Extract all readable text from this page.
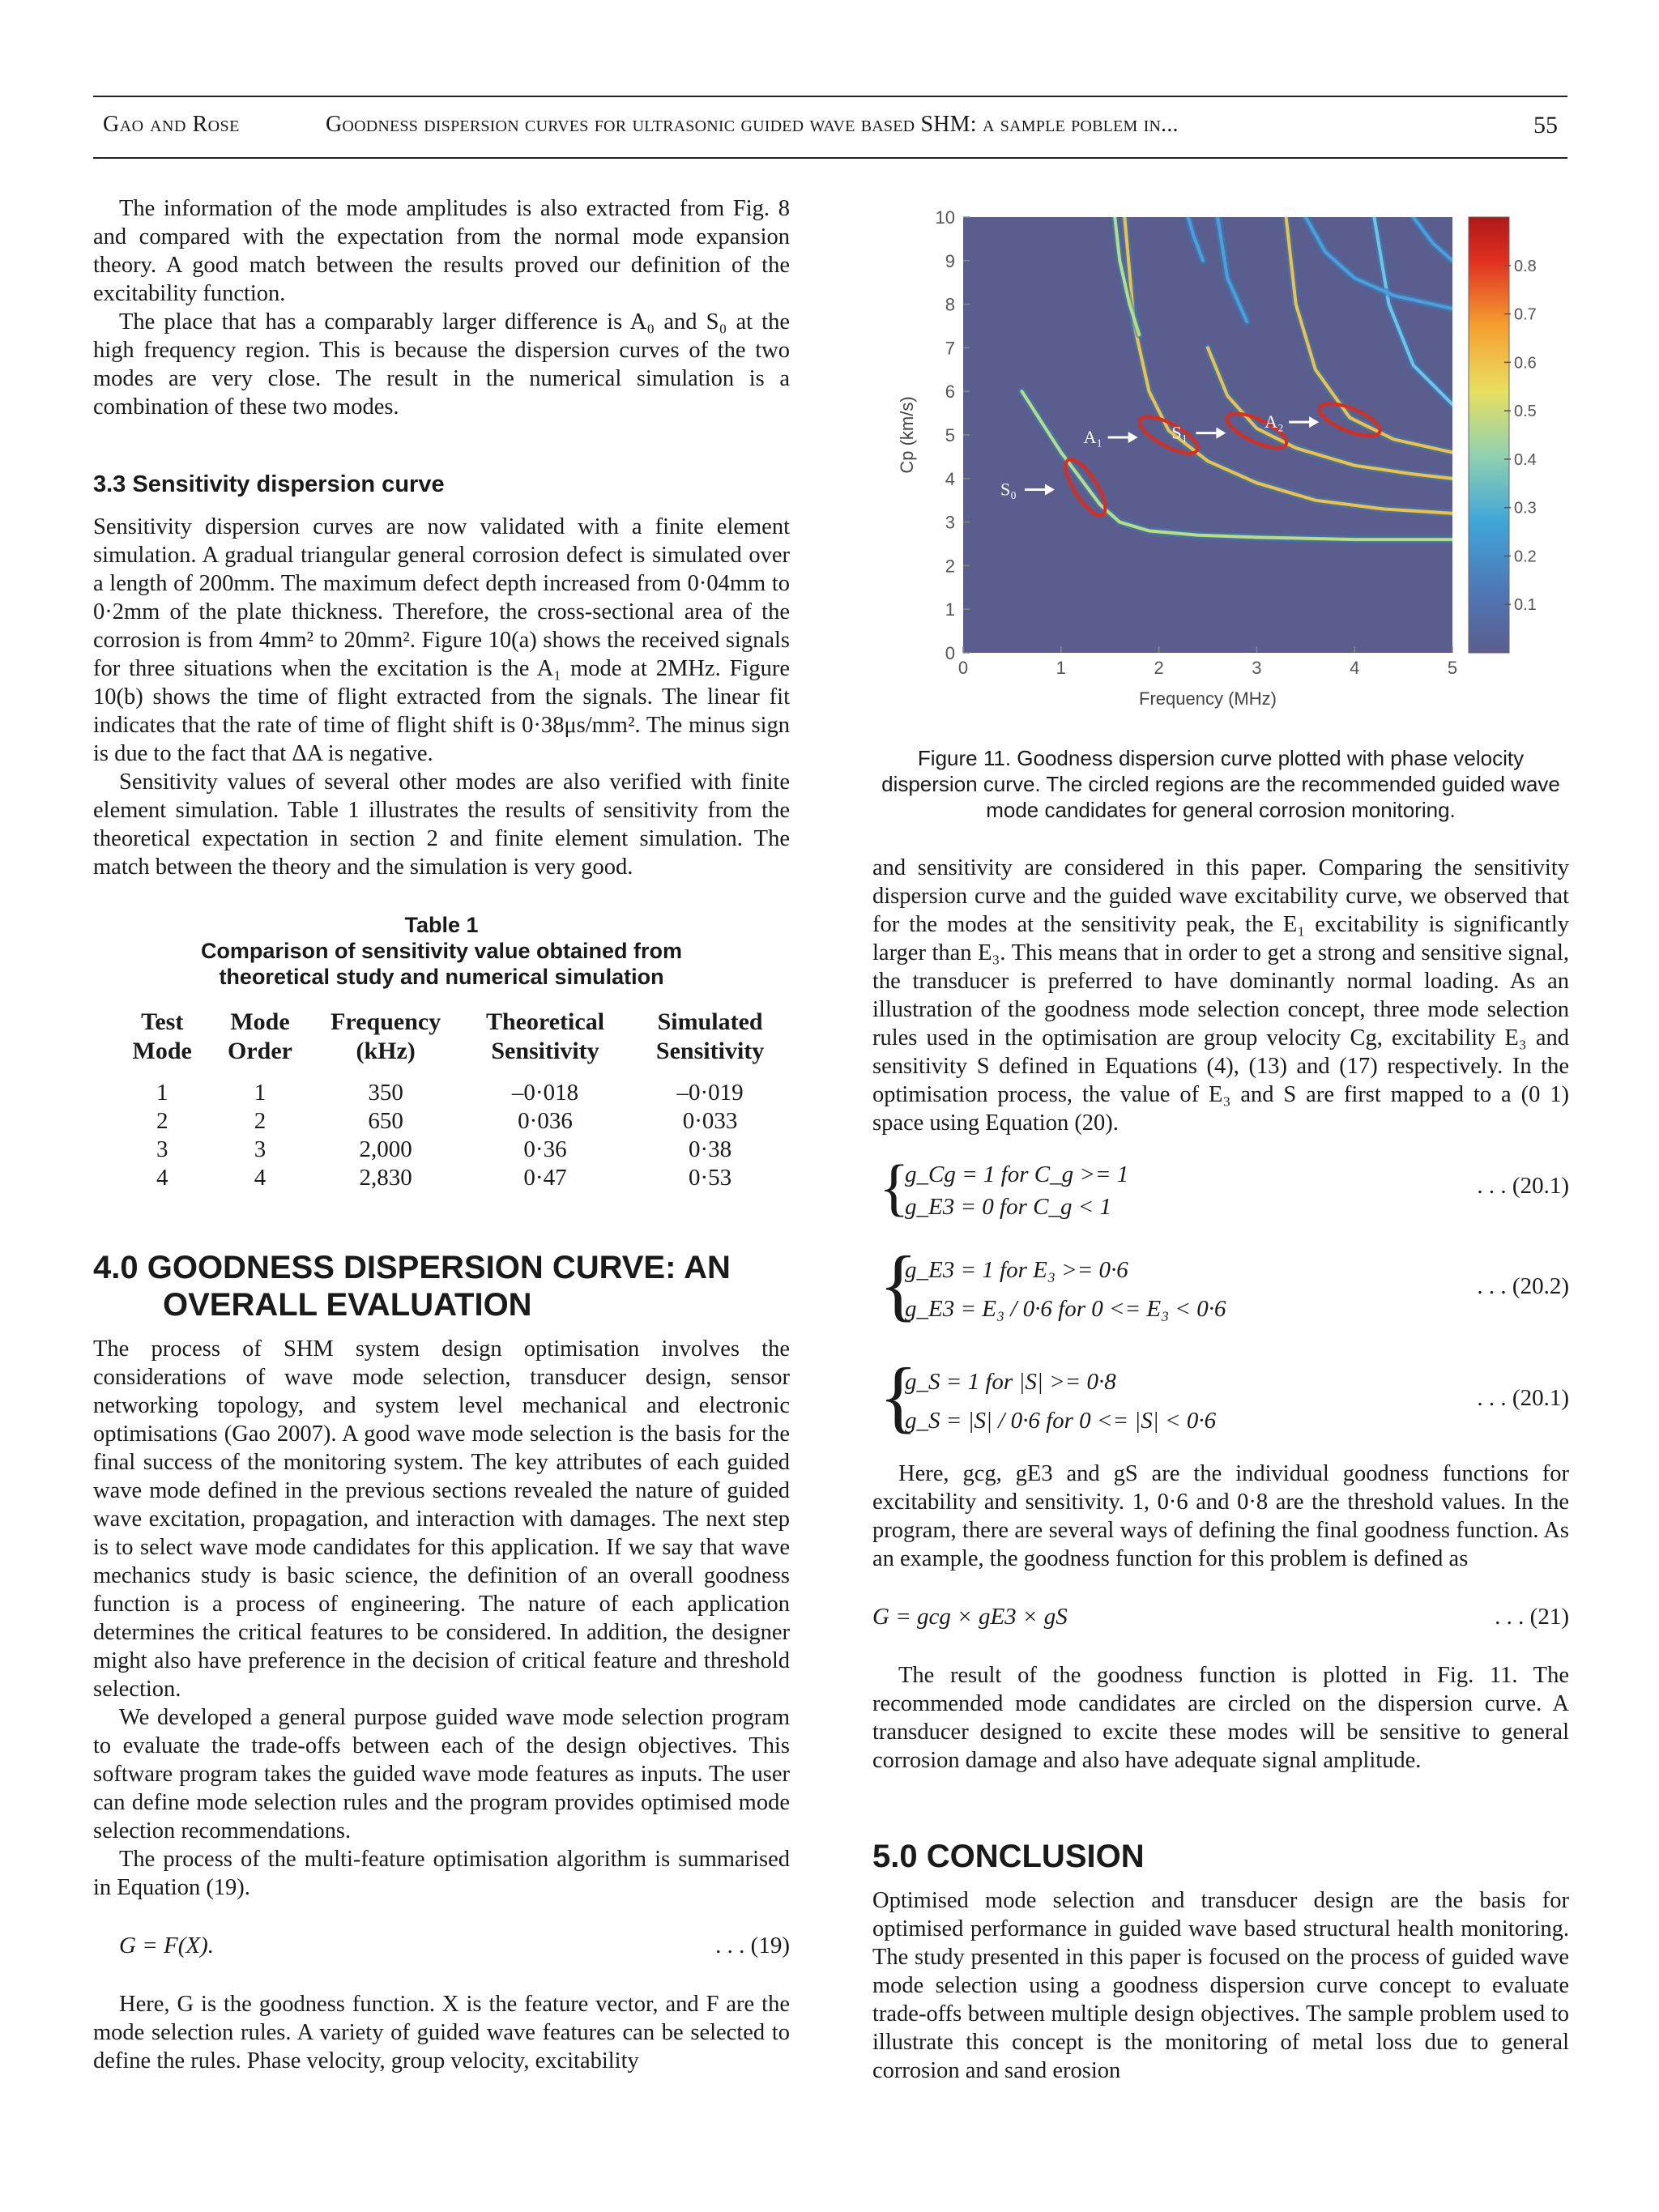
Gao and Rose	Goodness dispersion curves for ultrasonic guided wave based SHM: a sample poblem in...	55

The information of the mode amplitudes is also extracted from Fig. 8 and compared with the expectation from the normal mode expansion theory. A good match between the results proved our definition of the excitability function.

The place that has a comparably larger difference is A₀ and S₀ at the high frequency region. This is because the dispersion curves of the two modes are very close. The result in the numerical simulation is a combination of these two modes.

3.3 Sensitivity dispersion curve

Sensitivity dispersion curves are now validated with a finite element simulation. A gradual triangular general corrosion defect is simulated over a length of 200mm. The maximum defect depth increased from 0·04mm to 0·2mm of the plate thickness. Therefore, the cross-sectional area of the corrosion is from 4mm² to 20mm². Figure 10(a) shows the received signals for three situations when the excitation is the A₁ mode at 2MHz. Figure 10(b) shows the time of flight extracted from the signals. The linear fit indicates that the rate of time of flight shift is 0·38μs/mm². The minus sign is due to the fact that ΔA is negative.

Sensitivity values of several other modes are also verified with finite element simulation. Table 1 illustrates the results of sensitivity from the theoretical expectation in section 2 and finite element simulation. The match between the theory and the simulation is very good.

Table 1
Comparison of sensitivity value obtained from theoretical study and numerical simulation
Test Mode	Mode Order	Frequency (kHz)	Theoretical Sensitivity	Simulated Sensitivity
1	1	350	–0·018	–0·019
2	2	650	0·036	0·033
3	3	2,000	0·36	0·38
4	4	2,830	0·47	0·53
4.0 GOODNESS DISPERSION CURVE: AN OVERALL EVALUATION

The process of SHM system design optimisation involves the considerations of wave mode selection, transducer design, sensor networking topology, and system level mechanical and electronic optimisations (Gao 2007). A good wave mode selection is the basis for the final success of the monitoring system. The key attributes of each guided wave mode defined in the previous sections revealed the nature of guided wave excitation, propagation, and interaction with damages. The next step is to select wave mode candidates for this application. If we say that wave mechanics study is basic science, the definition of an overall goodness function is a process of engineering. The nature of each application determines the critical features to be considered. In addition, the designer might also have preference in the decision of critical feature and threshold selection.

We developed a general purpose guided wave mode selection program to evaluate the trade-offs between each of the design objectives. This software program takes the guided wave mode features as inputs. The user can define mode selection rules and the program provides optimised mode selection recommendations.

The process of the multi-feature optimisation algorithm is summarised in Equation (19).

G = F(X).	. . . (19)

Here, G is the goodness function. X is the feature vector, and F are the mode selection rules. A variety of guided wave features can be selected to define the rules. Phase velocity, group velocity, excitability

S₀
A₁	S₁
A₂
0	1	2	3	4	5
0
1
2
3
4
5
6
7
8
9
10
Frequency (MHz)
Cp (km/s)
0.1
0.2
0.3
0.4
0.5
0.6
0.7
0.8
Figure 11. Goodness dispersion curve plotted with phase velocity dispersion curve. The circled regions are the recommended guided wave mode candidates for general corrosion monitoring.

and sensitivity are considered in this paper. Comparing the sensitivity dispersion curve and the guided wave excitability curve, we observed that for the modes at the sensitivity peak, the E₁ excitability is significantly larger than E₃. This means that in order to get a strong and sensitive signal, the transducer is preferred to have dominantly normal loading. As an illustration of the goodness mode selection concept, three mode selection rules used in the optimisation are group velocity Cg, excitability E₃ and sensitivity S defined in Equations (4), (13) and (17) respectively. In the optimisation process, the value of E₃ and S are first mapped to a (0 1) space using Equation (20).

{
g_Cg = 1 for C_g >= 1
g_E3 = 0 for C_g < 1
. . . (20.1)
{
g_E3 = 1 for E₃ >= 0·6
g_E3 = E₃ / 0·6 for 0 <= E₃ < 0·6
. . . (20.2)
{
g_S = 1 for |S| >= 0·8
g_S = |S| / 0·6 for 0 <= |S| < 0·6
. . . (20.1)

Here, gcg, gE3 and gS are the individual goodness functions for excitability and sensitivity. 1, 0·6 and 0·8 are the threshold values. In the program, there are several ways of defining the final goodness function. As an example, the goodness function for this problem is defined as

G = gcg × gE3 × gS	. . . (21)

The result of the goodness function is plotted in Fig. 11. The recommended mode candidates are circled on the dispersion curve. A transducer designed to excite these modes will be sensitive to general corrosion damage and also have adequate signal amplitude.

5.0 CONCLUSION

Optimised mode selection and transducer design are the basis for optimised performance in guided wave based structural health monitoring. The study presented in this paper is focused on the process of guided wave mode selection using a goodness dispersion curve concept to evaluate trade-offs between multiple design objectives. The sample problem used to illustrate this concept is the monitoring of metal loss due to general corrosion and sand erosion
